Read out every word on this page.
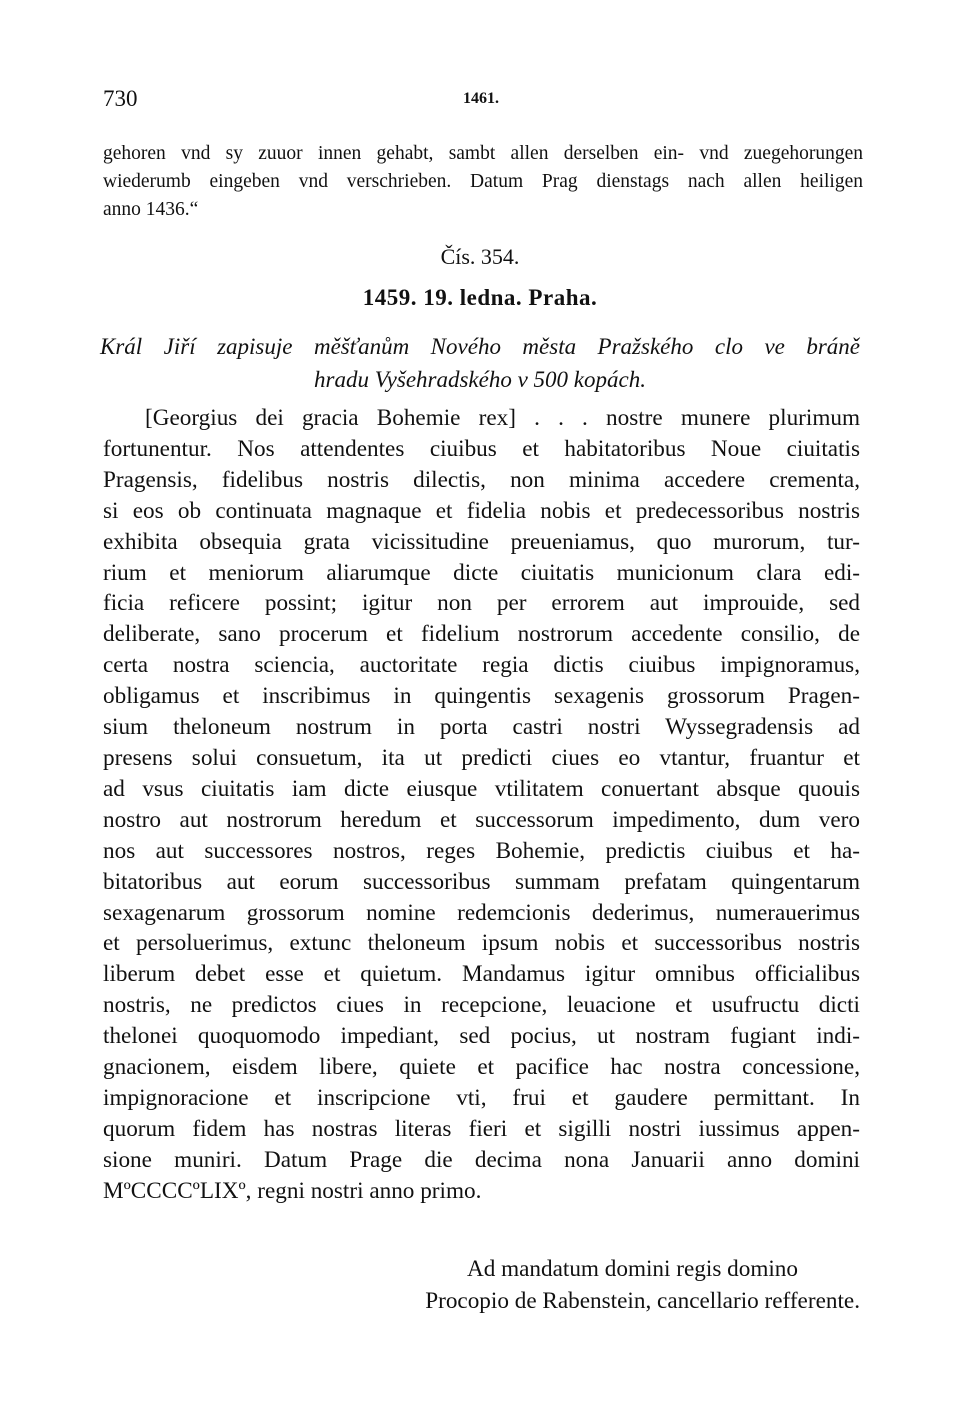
730	1461.
gehoren vnd sy zuuor innen gehabt, sambt allen derselben ein- vnd zuegehorungen
wiederumb eingeben vnd verschrieben. Datum Prag dienstags nach allen heiligen
anno 1436.“
Čís. 354.
1459. 19. ledna. Praha.
Král Jiří zapisuje měšťanům Nového města Pražského clo ve bráně
hradu Vyšehradského v 500 kopách.
[Georgius dei gracia Bohemie rex] . . . nostre munere plurimum
fortunentur. Nos attendentes ciuibus et habitatoribus Noue ciuitatis
Pragensis, fidelibus nostris dilectis, non minima accedere crementa,
si eos ob continuata magnaque et fidelia nobis et predecessoribus nostris
exhibita obsequia grata vicissitudine preueniamus, quo murorum, tur-
rium et meniorum aliarumque dicte ciuitatis municionum clara edi-
ficia reficere possint; igitur non per errorem aut improuide, sed
deliberate, sano procerum et fidelium nostrorum accedente consilio, de
certa nostra sciencia, auctoritate regia dictis ciuibus impignoramus,
obligamus et inscribimus in quingentis sexagenis grossorum Pragen-
sium theloneum nostrum in porta castri nostri Wyssegradensis ad
presens solui consuetum, ita ut predicti ciues eo vtantur, fruantur et
ad vsus ciuitatis iam dicte eiusque vtilitatem conuertant absque quouis
nostro aut nostrorum heredum et successorum impedimento, dum vero
nos aut successores nostros, reges Bohemie, predictis ciuibus et ha-
bitatoribus aut eorum successoribus summam prefatam quingentarum
sexagenarum grossorum nomine redemcionis dederimus, numerauerimus
et persoluerimus, extunc theloneum ipsum nobis et successoribus nostris
liberum debet esse et quietum. Mandamus igitur omnibus officialibus
nostris, ne predictos ciues in recepcione, leuacione et usufructu dicti
thelonei quoquomodo impediant, sed pocius, ut nostram fugiant indi-
gnacionem, eisdem libere, quiete et pacifice hac nostra concessione,
impignoracione et inscripcione vti, frui et gaudere permittant. In
quorum fidem has nostras literas fieri et sigilli nostri iussimus appen-
sione muniri. Datum Prage die decima nona Januarii anno domini
MºCCCCºLIXº, regni nostri anno primo.
Ad mandatum domini regis domino
Procopio de Rabenstein, cancellario refferente.
